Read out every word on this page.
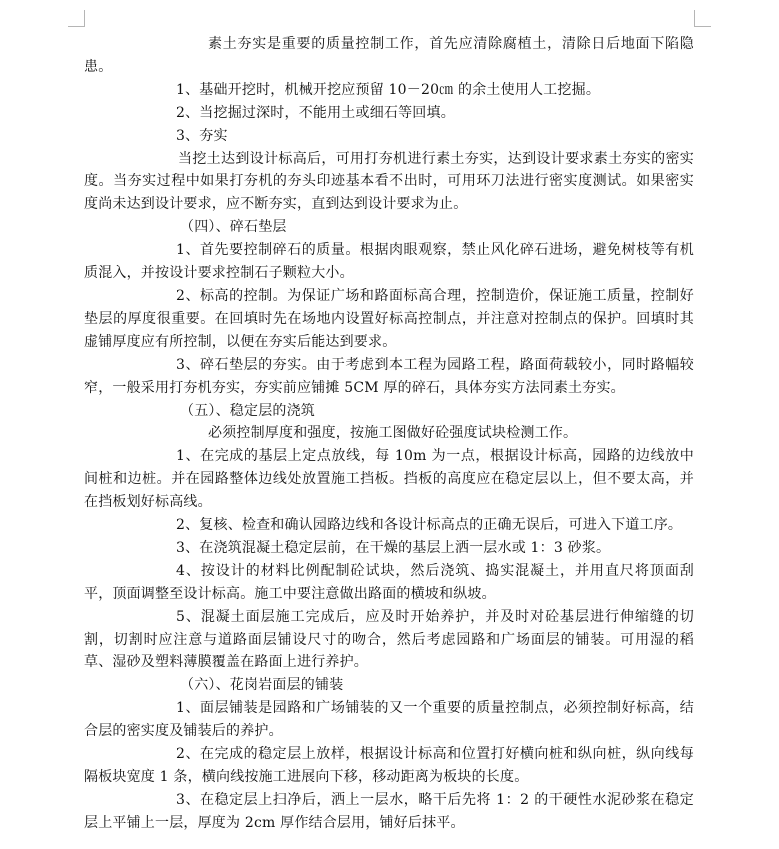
素土夯实是重要的质量控制工作，首先应清除腐植土，清除日后地面下陷隐患。

1、基础开挖时，机械开挖应预留 10－20㎝ 的余土使用人工挖掘。

2、当挖掘过深时，不能用土或细石等回填。

3、夯实

当挖土达到设计标高后，可用打夯机进行素土夯实，达到设计要求素土夯实的密实度。当夯实过程中如果打夯机的夯头印迹基本看不出时，可用环刀法进行密实度测试。如果密实度尚未达到设计要求，应不断夯实，直到达到设计要求为止。

（四）、碎石垫层

1、首先要控制碎石的质量。根据肉眼观察，禁止风化碎石进场，避免树枝等有机质混入，并按设计要求控制石子颗粒大小。

2、标高的控制。为保证广场和路面标高合理，控制造价，保证施工质量，控制好垫层的厚度很重要。在回填时先在场地内设置好标高控制点，并注意对控制点的保护。回填时其虚铺厚度应有所控制，以便在夯实后能达到要求。

3、碎石垫层的夯实。由于考虑到本工程为园路工程，路面荷载较小，同时路幅较窄，一般采用打夯机夯实，夯实前应铺摊 5CM 厚的碎石，具体夯实方法同素土夯实。

（五）、稳定层的浇筑

必须控制厚度和强度，按施工图做好砼强度试块检测工作。

1、在完成的基层上定点放线，每 10m 为一点，根据设计标高，园路的边线放中间桩和边桩。并在园路整体边线处放置施工挡板。挡板的高度应在稳定层以上，但不要太高，并在挡板划好标高线。

2、复核、检查和确认园路边线和各设计标高点的正确无误后，可进入下道工序。

3、在浇筑混凝土稳定层前，在干燥的基层上洒一层水或 1：3 砂浆。

4、按设计的材料比例配制砼试块，然后浇筑、捣实混凝土，并用直尺将顶面刮平，顶面调整至设计标高。施工中要注意做出路面的横坡和纵坡。

5、混凝土面层施工完成后，应及时开始养护，并及时对砼基层进行伸缩缝的切割，切割时应注意与道路面层铺设尺寸的吻合，然后考虑园路和广场面层的铺装。可用湿的稻草、湿砂及塑料薄膜覆盖在路面上进行养护。

（六）、花岗岩面层的铺装

1、面层铺装是园路和广场铺装的又一个重要的质量控制点，必须控制好标高，结合层的密实度及铺装后的养护。

2、在完成的稳定层上放样，根据设计标高和位置打好横向桩和纵向桩，纵向线每隔板块宽度 1 条，横向线按施工进展向下移，移动距离为板块的长度。

3、在稳定层上扫净后，洒上一层水，略干后先将 1：2 的干硬性水泥砂浆在稳定层上平铺上一层，厚度为 2cm 厚作结合层用，铺好后抹平。
